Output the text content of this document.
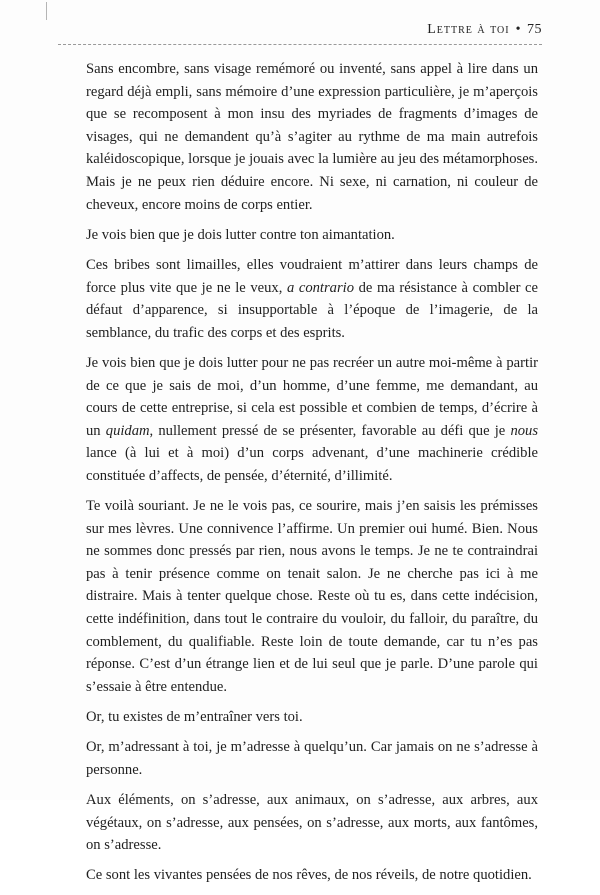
Lettre à toi • 75

Sans encombre, sans visage remémoré ou inventé, sans appel à lire dans un regard déjà empli, sans mémoire d’une expression particulière, je m’aperçois que se recomposent à mon insu des myriades de fragments d’images de visages, qui ne demandent qu’à s’agiter au rythme de ma main autrefois kaléidoscopique, lorsque je jouais avec la lumière au jeu des métamorphoses. Mais je ne peux rien déduire encore. Ni sexe, ni carnation, ni couleur de cheveux, encore moins de corps entier.

Je vois bien que je dois lutter contre ton aimantation.

Ces bribes sont limailles, elles voudraient m’attirer dans leurs champs de force plus vite que je ne le veux, a contrario de ma résistance à combler ce défaut d’apparence, si insupportable à l’époque de l’imagerie, de la semblance, du trafic des corps et des esprits.

Je vois bien que je dois lutter pour ne pas recréer un autre moi-même à partir de ce que je sais de moi, d’un homme, d’une femme, me demandant, au cours de cette entreprise, si cela est possible et combien de temps, d’écrire à un quidam, nullement pressé de se présenter, favorable au défi que je nous lance (à lui et à moi) d’un corps advenant, d’une machinerie crédible constituée d’affects, de pensée, d’éternité, d’illimité.

Te voilà souriant. Je ne le vois pas, ce sourire, mais j’en saisis les prémisses sur mes lèvres. Une connivence l’affirme. Un premier oui humé. Bien. Nous ne sommes donc pressés par rien, nous avons le temps. Je ne te contraindrai pas à tenir présence comme on tenait salon. Je ne cherche pas ici à me distraire. Mais à tenter quelque chose. Reste où tu es, dans cette indécision, cette indéfinition, dans tout le contraire du vouloir, du falloir, du paraître, du comblement, du qualifiable. Reste loin de toute demande, car tu n’es pas réponse. C’est d’un étrange lien et de lui seul que je parle. D’une parole qui s’essaie à être entendue.

Or, tu existes de m’entraîner vers toi.

Or, m’adressant à toi, je m’adresse à quelqu’un. Car jamais on ne s’adresse à personne.

Aux éléments, on s’adresse, aux animaux, on s’adresse, aux arbres, aux végétaux, on s’adresse, aux pensées, on s’adresse, aux morts, aux fantômes, on s’adresse.

Ce sont les vivantes pensées de nos rêves, de nos réveils, de notre quotidien.
